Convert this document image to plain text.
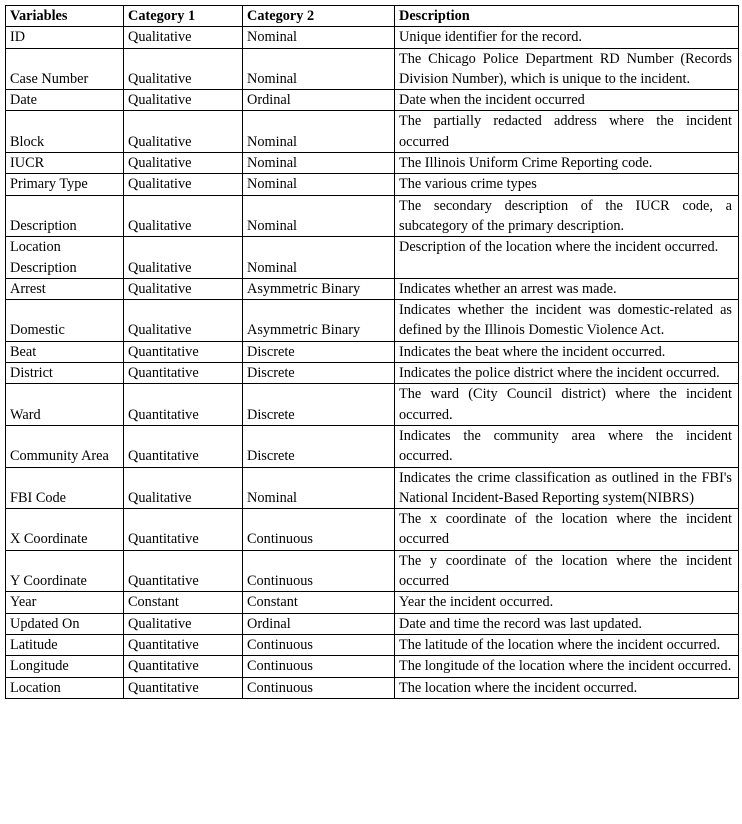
Variables	Category 1	Category 2	Description
ID	Qualitative	Nominal	Unique identifier for the record.
Case Number	Qualitative	Nominal	The Chicago Police Department RD Number (Records Division Number), which is unique to the incident.
Date	Qualitative	Ordinal	Date when the incident occurred
Block	Qualitative	Nominal	The partially redacted address where the incident occurred
IUCR	Qualitative	Nominal	The Illinois Uniform Crime Reporting code.
Primary Type	Qualitative	Nominal	The various crime types
Description	Qualitative	Nominal	The secondary description of the IUCR code, a subcategory of the primary description.
Location Description	Qualitative	Nominal	Description of the location where the incident occurred.
Arrest	Qualitative	Asymmetric Binary	Indicates whether an arrest was made.
Domestic	Qualitative	Asymmetric Binary	Indicates whether the incident was domestic-related as defined by the Illinois Domestic Violence Act.
Beat	Quantitative	Discrete	Indicates the beat where the incident occurred.
District	Quantitative	Discrete	Indicates the police district where the incident occurred.
Ward	Quantitative	Discrete	The ward (City Council district) where the incident occurred.
Community Area	Quantitative	Discrete	Indicates the community area where the incident occurred.
FBI Code	Qualitative	Nominal	Indicates the crime classification as outlined in the FBI's National Incident-Based Reporting system(NIBRS)
X Coordinate	Quantitative	Continuous	The x coordinate of the location where the incident occurred
Y Coordinate	Quantitative	Continuous	The y coordinate of the location where the incident occurred
Year	Constant	Constant	Year the incident occurred.
Updated On	Qualitative	Ordinal	Date and time the record was last updated.
Latitude	Quantitative	Continuous	The latitude of the location where the incident occurred.
Longitude	Quantitative	Continuous	The longitude of the location where the incident occurred.
Location	Quantitative	Continuous	The location where the incident occurred.
